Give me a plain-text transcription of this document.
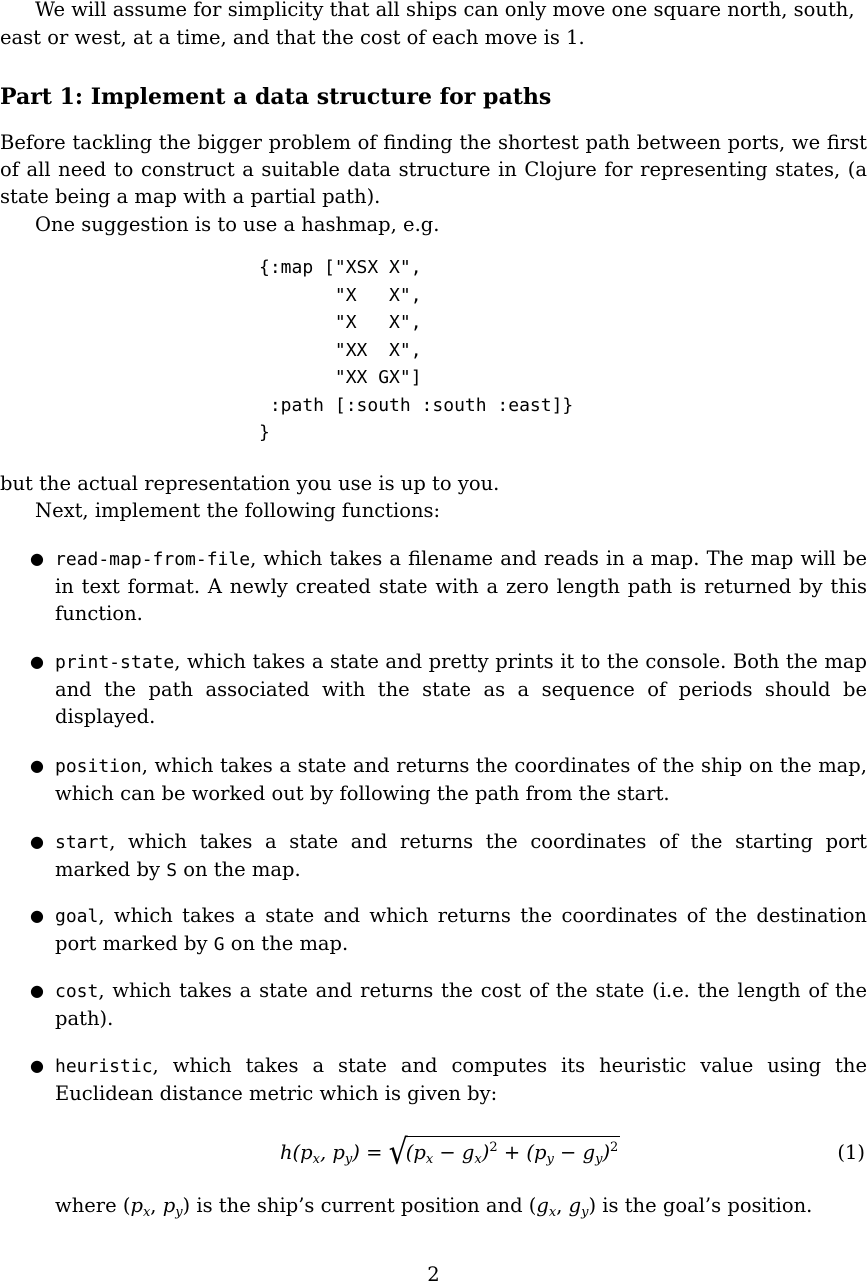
We will assume for simplicity that all ships can only move one square north, south,

east or west, at a time, and that the cost of each move is 1.

Part 1: Implement a data structure for paths

Before tackling the bigger problem of finding the shortest path between ports, we first of all need to construct a suitable data structure in Clojure for representing states, (a state being a map with a partial path).

One suggestion is to use a hashmap, e.g.

{:map ["XSX X",
"X   X",
"X   X",
"XX  X",
"XX GX"]
:path [:south :south :east]}
}

but the actual representation you use is up to you.

Next, implement the following functions:

● read-map-from-file, which takes a filename and reads in a map. The map will be in text format. A newly created state with a zero length path is returned by this function.
● print-state, which takes a state and pretty prints it to the console. Both the map and the path associated with the state as a sequence of periods should be displayed.
● position, which takes a state and returns the coordinates of the ship on the map, which can be worked out by following the path from the start.
● start, which takes a state and returns the coordinates of the starting port marked by S on the map.
● goal, which takes a state and which returns the coordinates of the destination port marked by G on the map.
● cost, which takes a state and returns the cost of the state (i.e. the length of the path).
● heuristic, which takes a state and computes its heuristic value using the Euclidean distance metric which is given by:
$h(p_x$, $p_y) = √(p_x - g_x)^2 + (p_y - g_y)^2$	(1)

where ($p_x$, $p_y$) is the ship’s current position and ($g_x$, $g_y$) is the goal’s position.

2
